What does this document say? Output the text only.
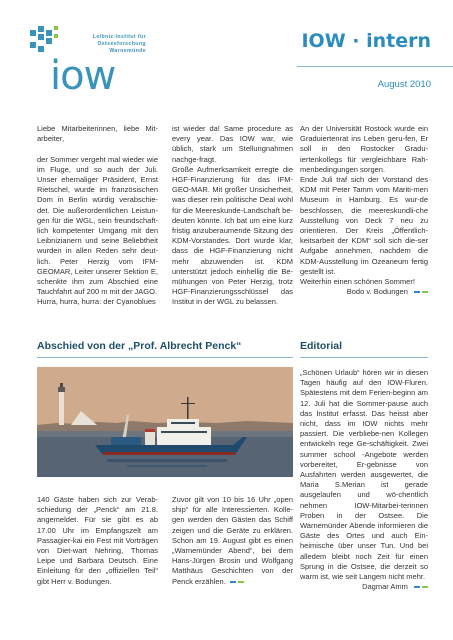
Leibniz-Institut für
Ostseeforschung
Warnemünde
iow
IOW · intern
August 2010

Liebe Mitarbeiterinnen, liebe Mit-arbeiter,

der Sommer vergeht mal wieder wie im Fluge, und so auch der Juli. Unser ehemaliger Präsident, Ernst Rietschel, wurde im französischen Dom in Berlin würdig verabschie-det. Die außerordentlichen Leistun-gen für die WGL, sein freundschaft-lich kompetenter Umgang mit den Leibnizianern und seine Beliebtheit wurden in allen Reden sehr deut-lich. Peter Herzig vom IFM-GEOMAR, Leiter unserer Sektion E, schenkte ihm zum Abschied eine Tauchfahrt auf 200 m mit der JAGO.

Hurra, hurra, hurra: der Cyanoblues

ist wieder da! Same procedure as every year. Das IOW war, wie üblich, stark um Stellungnahmen nachge-fragt.

Große Aufmerksamkeit erregte die HGF-Finanzierung für das IFM-GEO-MAR. Mit großer Unsicherheit, was dieser rein politische Deal wohl für die Meereskunde-Landschaft be-deuten könnte. Ich bat um eine kurz fristig anzuberaumende Sitzung des KDM-Vorstandes. Dort wurde klar, dass die HGF-Finanzierung nicht mehr abzuwenden ist. KDM unterstützt jedoch einhellig die Be-mühungen von Peter Herzig, trotz HGF-Finanzierungsschlüssel das Institut in der WGL zu belassen.

An der Universität Rostock wurde ein Graduiertenrat ins Leben geru-fen, Er soll in den Rostocker Gradu-iertenkollegs für vergleichbare Rah-menbedingungen sorgen.

Ende Juli traf sich der Vorstand des KDM mit Peter Tamm vom Mariti-men Museum in Hamburg. Es wur-de beschlossen, die meereskundli-che Ausstellung von Deck 7 neu zu orientieren. Der Kreis „Öffentlich-keitsarbeit der KDM“ soll sich die-ser Aufgabe annehmen, nachdem die KDM-Ausstellung im Ozeaneum fertig gestellt ist.

Weiterhin einen schönen Sommer!

Bodo v. Bodungen

Abschied von der „Prof. Albrecht Penck“

140 Gäste haben sich zur Verab-schiedung der „Penck“ am 21.8. angemeldet. Für sie gibt es ab 17.00 Uhr im Empfangszelt am Passagier-kai ein Fest mit Vorträgen von Diet-wart Nehring, Thomas Leipe und Barbara Deutsch. Eine Einleitung für den „offiziellen Teil“ gibt Herr v. Bodungen.

Zuvor gilt von 10 bis 16 Uhr „open ship“ für alle Interessierten. Kolle-gen werden den Gästen das Schiff zeigen und die Geräte zu erklären. Schon am 19. August gibt es einen „Warnemünder Abend“, bei dem Hans-Jürgen Brosin und Wolfgang Matthäus Geschichten von der Penck erzählen.

Editorial

„Schönen Urlaub“ hören wir in diesen Tagen häufig auf den IOW-Fluren. Spätestens mit dem Ferien-beginn am 12. Juli hat die Sommer-pause auch das Institut erfasst. Das heisst aber nicht, dass im IOW nichts mehr passiert. Die verbliebe-nen Kollegen entwickeln rege Ge-schäftigkeit. Zwei summer school -Angebote werden vorbereitet, Er-gebnisse von Ausfahrten werden ausgewertet, die Maria S.Merian ist gerade ausgelaufen und wö-chentlich nehmen IOW-Mitarbei-terinnen Proben in der Ostsee. Die Warnemünder Abende informieren die Gäste des Ortes und auch Ein-heimische über unser Tun. Und bei alledem bleibt noch Zeit für einen Sprung in die Ostsee, die derzeit so warm ist, wie seit Langem nicht mehr.

Dagmar Amm
